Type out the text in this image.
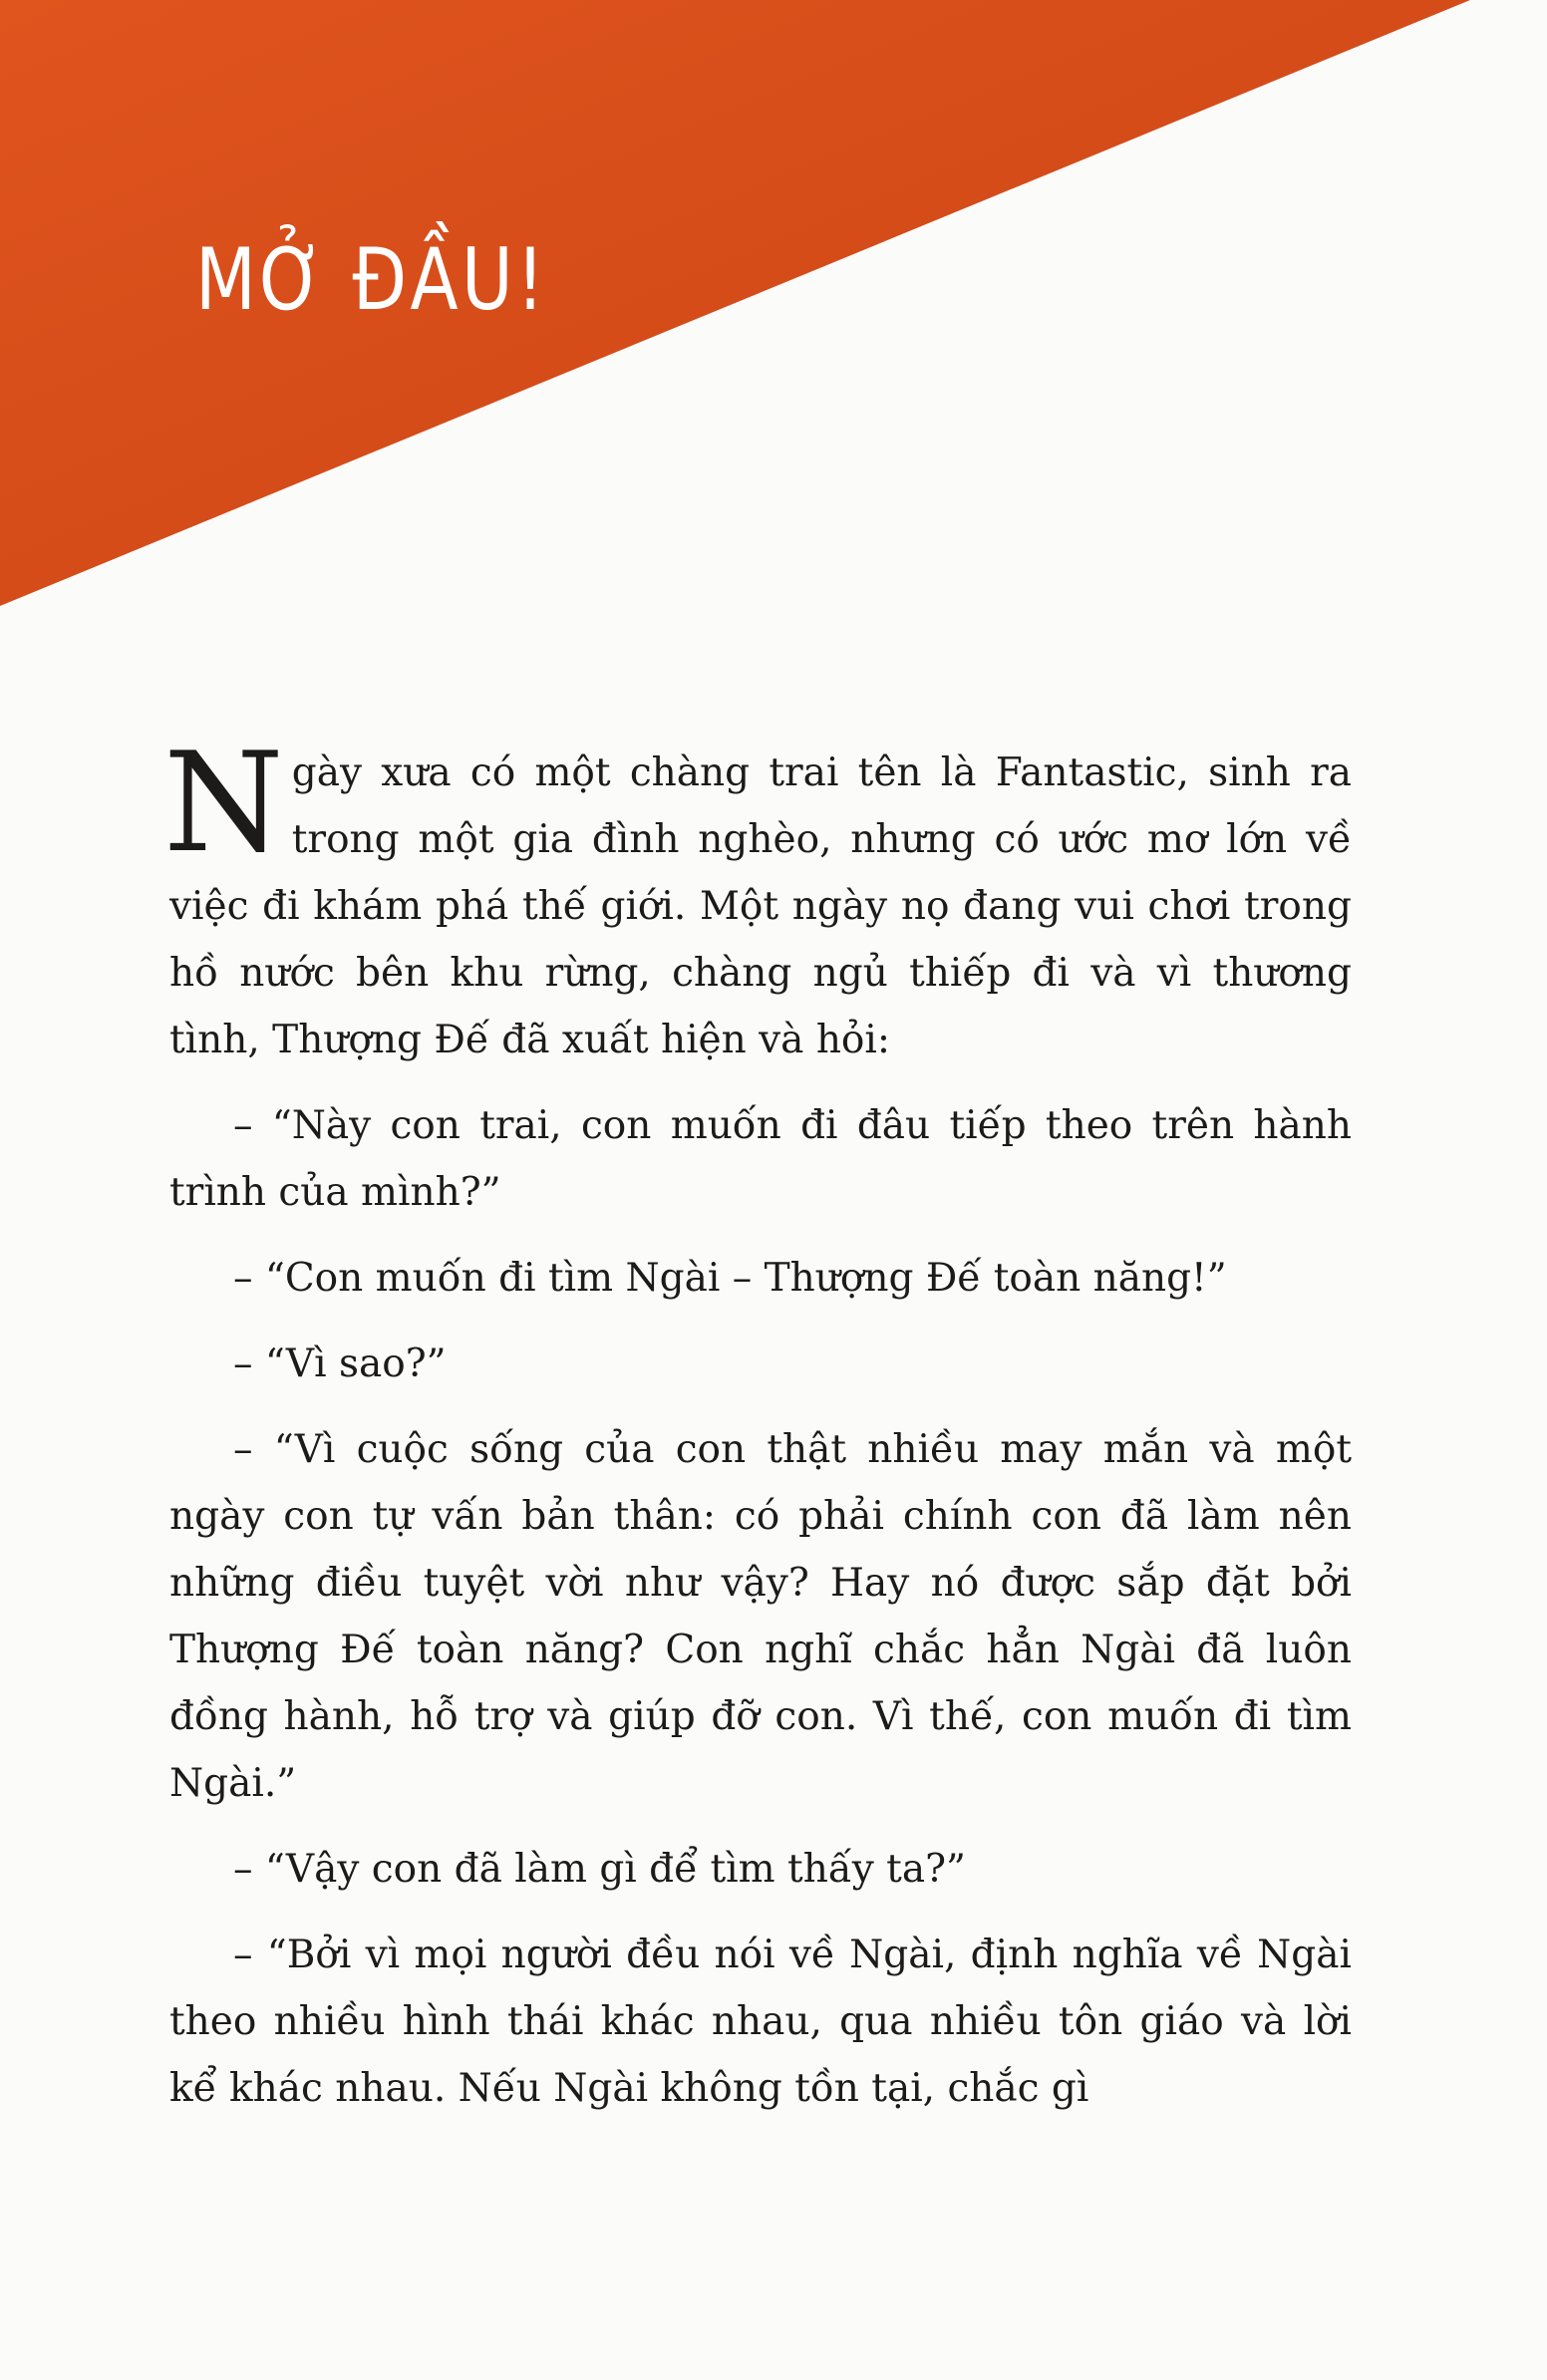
MỞ ĐẦU!

Ngày xưa có một chàng trai tên là Fantastic, sinh ra trong một gia đình nghèo, nhưng có ước mơ lớn về việc đi khám phá thế giới. Một ngày nọ đang vui chơi trong hồ nước bên khu rừng, chàng ngủ thiếp đi và vì thương tình, Thượng Đế đã xuất hiện và hỏi:

– “Này con trai, con muốn đi đâu tiếp theo trên hành trình của mình?”

– “Con muốn đi tìm Ngài – Thượng Đế toàn năng!”

– “Vì sao?”

– “Vì cuộc sống của con thật nhiều may mắn và một ngày con tự vấn bản thân: có phải chính con đã làm nên những điều tuyệt vời như vậy? Hay nó được sắp đặt bởi Thượng Đế toàn năng? Con nghĩ chắc hẳn Ngài đã luôn đồng hành, hỗ trợ và giúp đỡ con. Vì thế, con muốn đi tìm Ngài.”

– “Vậy con đã làm gì để tìm thấy ta?”

– “Bởi vì mọi người đều nói về Ngài, định nghĩa về Ngài theo nhiều hình thái khác nhau, qua nhiều tôn giáo và lời kể khác nhau. Nếu Ngài không tồn tại, chắc gì
